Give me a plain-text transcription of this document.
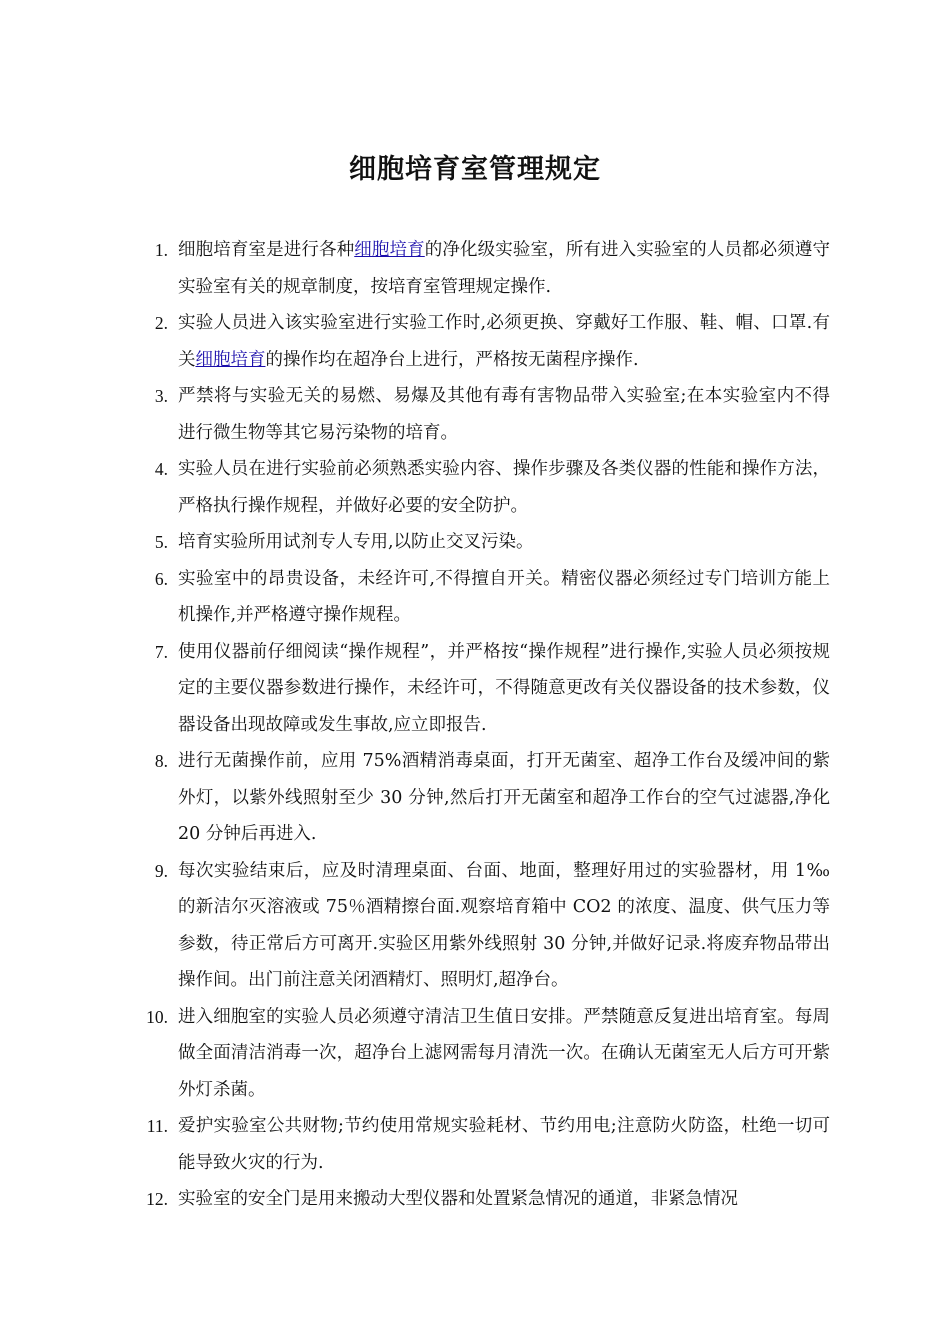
细胞培育室管理规定
1. 细胞培育室是进行各种细胞培育的净化级实验室，所有进入实验室的人员都必须遵守实验室有关的规章制度，按培育室管理规定操作.
2. 实验人员进入该实验室进行实验工作时,必须更换、穿戴好工作服、鞋、帽、口罩.有关细胞培育的操作均在超净台上进行，严格按无菌程序操作.
3. 严禁将与实验无关的易燃、易爆及其他有毒有害物品带入实验室;在本实验室内不得进行微生物等其它易污染物的培育。
4. 实验人员在进行实验前必须熟悉实验内容、操作步骤及各类仪器的性能和操作方法，严格执行操作规程，并做好必要的安全防护。
5. 培育实验所用试剂专人专用,以防止交叉污染。
6. 实验室中的昂贵设备，未经许可,不得擅自开关。精密仪器必须经过专门培训方能上机操作,并严格遵守操作规程。
7. 使用仪器前仔细阅读“操作规程”，并严格按“操作规程”进行操作,实验人员必须按规定的主要仪器参数进行操作，未经许可，不得随意更改有关仪器设备的技术参数，仪器设备出现故障或发生事故,应立即报告.
8. 进行无菌操作前，应用 75%酒精消毒桌面，打开无菌室、超净工作台及缓冲间的紫外灯，以紫外线照射至少 30 分钟,然后打开无菌室和超净工作台的空气过滤器,净化 20 分钟后再进入.
9. 每次实验结束后，应及时清理桌面、台面、地面，整理好用过的实验器材，用 1‰的新洁尔灭溶液或 75％酒精擦台面.观察培育箱中 CO2 的浓度、温度、供气压力等参数，待正常后方可离开.实验区用紫外线照射 30 分钟,并做好记录.将废弃物品带出操作间。出门前注意关闭酒精灯、照明灯,超净台。
10. 进入细胞室的实验人员必须遵守清洁卫生值日安排。严禁随意反复进出培育室。每周做全面清洁消毒一次，超净台上滤网需每月清洗一次。在确认无菌室无人后方可开紫外灯杀菌。
11. 爱护实验室公共财物;节约使用常规实验耗材、节约用电;注意防火防盗，杜绝一切可能导致火灾的行为.
12. 实验室的安全门是用来搬动大型仪器和处置紧急情况的通道，非紧急情况
